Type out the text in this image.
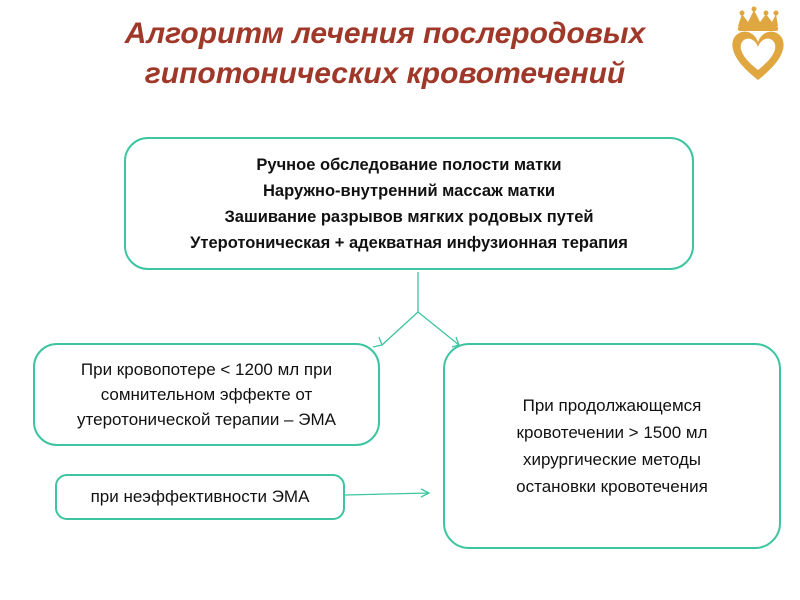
Алгоритм лечения послеродовых
гипотонических кровотечений
Ручное обследование полости матки
Наружно-внутренний массаж матки
Зашивание разрывов мягких родовых путей
Утеротоническая + адекватная инфузионная терапия
При кровопотере < 1200 мл при
сомнительном эффекте от
утеротонической терапии – ЭМА
При продолжающемся
кровотечении > 1500 мл
хирургические методы
остановки кровотечения
при неэффективности ЭМА
